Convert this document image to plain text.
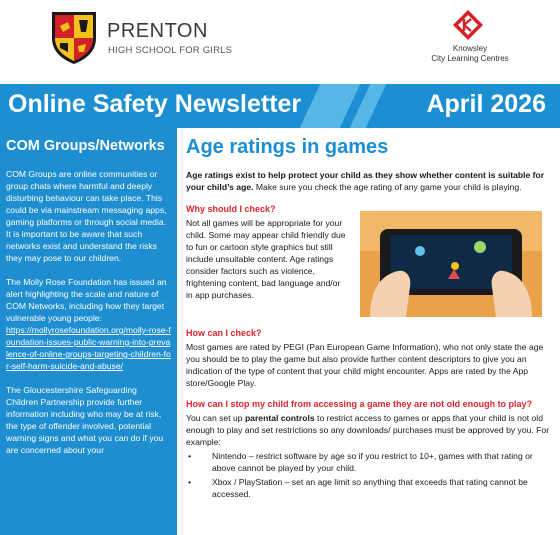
PRENTON
HIGH SCHOOL FOR GIRLS	Knowsley
City Learning Centres
Online Safety Newsletter	April 2026
COM Groups/Networks

COM Groups are online communities or group chats where harmful and deeply disturbing behaviour can take place. This could be via mainstream messaging apps, gaming platforms or through social media. It is important to be aware that such networks exist and understand the risks they may pose to our children.

The Molly Rose Foundation has issued an alert highlighting the scale and nature of COM Networks, including how they target vulnerable young people:
https://mollyrosefoundation.org/molly-rose-foundation-issues-public-warning-into-prevalence-of-online-groups-targeting-children-for-self-harm-suicide-and-abuse/

The Gloucestershire Safeguarding Children Partnership provide further information including who may be at risk, the type of offender involved, potential warning signs and what you can do if you are concerned about your

Age ratings in games

Age ratings exist to help protect your child as they show whether content is suitable for your child’s age. Make sure you check the age rating of any game your child is playing.

Why should I check?

Not all games will be appropriate for your child. Some may appear child friendly due to fun or cartoon style graphics but still include unsuitable content. Age ratings consider factors such as violence, frightening content, bad language and/or in app purchases.

How can I check?

Most games are rated by PEGI (Pan European Game Information), who not only state the age you should be to play the game but also provide further content descriptors to give you an indication of the type of content that your child might encounter. Apps are rated by the App store/Google Play.

How can I stop my child from accessing a game they are not old enough to play?

You can set up parental controls to restrict access to games or apps that your child is not old enough to play and set restrictions so any downloads/ purchases must be approved by you. For example:

• Nintendo – restrict software by age so if you restrict to 10+, games with that rating or above cannot be played by your child.
• Xbox / PlayStation – set an age limit so anything that exceeds that rating cannot be accessed.
